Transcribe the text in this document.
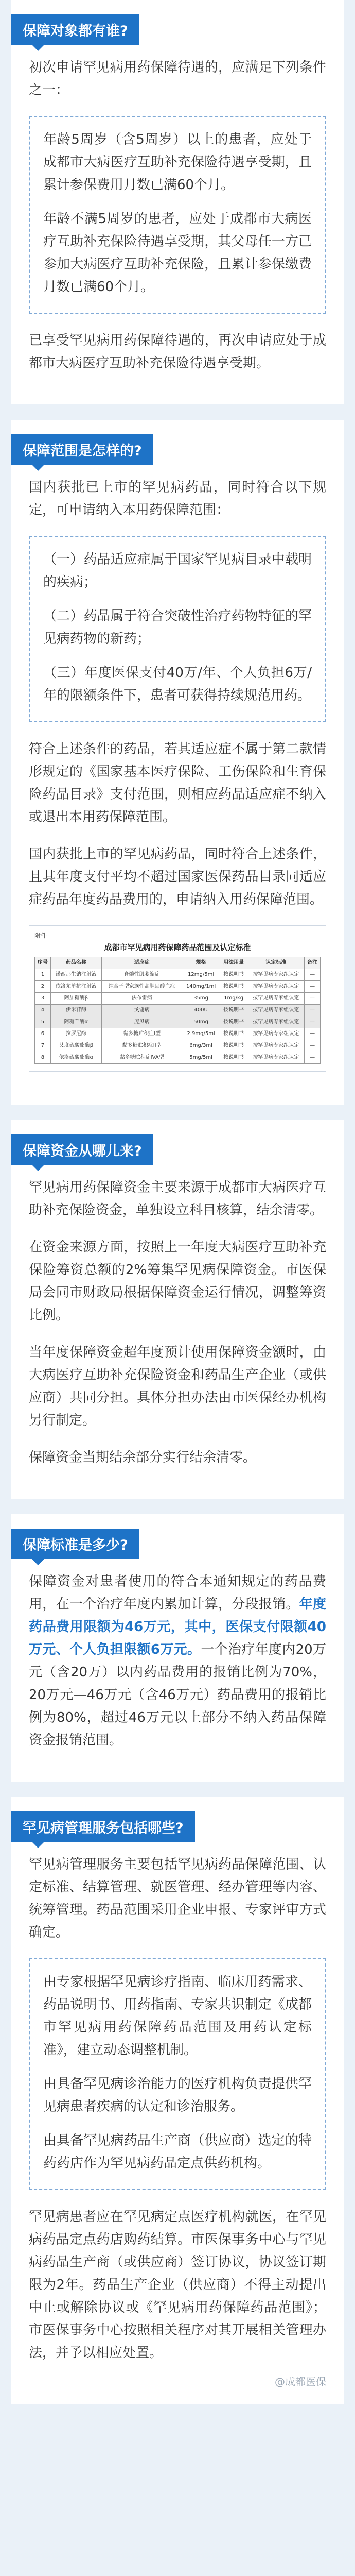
保障对象都有谁?

初次申请罕见病用药保障待遇的，应满足下列条件之一：

年龄5周岁（含5周岁）以上的患者，应处于成都市大病医疗互助补充保险待遇享受期，且累计参保费用月数已满60个月。

年龄不满5周岁的患者，应处于成都市大病医疗互助补充保险待遇享受期，其父母任一方已参加大病医疗互助补充保险，且累计参保缴费月数已满60个月。

已享受罕见病用药保障待遇的，再次申请应处于成都市大病医疗互助补充保险待遇享受期。

保障范围是怎样的?

国内获批已上市的罕见病药品，同时符合以下规定，可申请纳入本用药保障范围：

（一）药品适应症属于国家罕见病目录中载明的疾病；

（二）药品属于符合突破性治疗药物特征的罕见病药物的新药；

（三）年度医保支付40万/年、个人负担6万/年的限额条件下，患者可获得持续规范用药。

符合上述条件的药品，若其适应症不属于第二款情形规定的《国家基本医疗保险、工伤保险和生育保险药品目录》支付范围，则相应药品适应症不纳入或退出本用药保障范围。

国内获批上市的罕见病药品，同时符合上述条件，且其年度支付平均不超过国家医保药品目录同适应症药品年度药品费用的，申请纳入用药保障范围。

附件
成都市罕见病用药保障药品范围及认定标准
序号	药品名称	适应症	规格	用法用量	认定标准	备注
1	诺西那生钠注射液	脊髓性肌萎缩症	12mg/5ml	按说明书	按罕见病专家组认定	—
2	依洛尤单抗注射液	纯合子型家族性高胆固醇血症	140mg/1ml	按说明书	按罕见病专家组认定	—
3	阿加糖酶β	法布雷病	35mg	1mg/kg	按罕见病专家组认定	—
4	伊米苷酶	戈谢病	400U	按说明书	按罕见病专家组认定	—
5	阿糖苷酶α	庞贝病	50mg	按说明书	按罕见病专家组认定	—
6	拉罗尼酶	黏多糖贮积症I型	2.9mg/5ml	按说明书	按罕见病专家组认定	—
7	艾度硫酸酯酶β	黏多糖贮积症II型	6mg/3ml	按说明书	按罕见病专家组认定	—
8	依洛硫酸酯酶α	黏多糖贮积症IVA型	5mg/5ml	按说明书	按罕见病专家组认定	—
保障资金从哪儿来?

罕见病用药保障资金主要来源于成都市大病医疗互助补充保险资金，单独设立科目核算，结余清零。

在资金来源方面，按照上一年度大病医疗互助补充保险筹资总额的2%筹集罕见病保障资金。市医保局会同市财政局根据保障资金运行情况，调整筹资比例。

当年度保障资金超年度预计使用保障资金额时，由大病医疗互助补充保险资金和药品生产企业（或供应商）共同分担。具体分担办法由市医保经办机构另行制定。

保障资金当期结余部分实行结余清零。

保障标准是多少?

保障资金对患者使用的符合本通知规定的药品费用，在一个治疗年度内累加计算，分段报销。年度药品费用限额为46万元，其中，医保支付限额40万元、个人负担限额6万元。一个治疗年度内20万元（含20万）以内药品费用的报销比例为70%，20万元—46万元（含46万元）药品费用的报销比例为80%，超过46万元以上部分不纳入药品保障资金报销范围。

罕见病管理服务包括哪些?

罕见病管理服务主要包括罕见病药品保障范围、认定标准、结算管理、就医管理、经办管理等内容、统筹管理。药品范围采用企业申报、专家评审方式确定。

由专家根据罕见病诊疗指南、临床用药需求、药品说明书、用药指南、专家共识制定《成都市罕见病用药保障药品范围及用药认定标准》，建立动态调整机制。

由具备罕见病诊治能力的医疗机构负责提供罕见病患者疾病的认定和诊治服务。

由具备罕见病药品生产商（供应商）选定的特药药店作为罕见病药品定点供药机构。

罕见病患者应在罕见病定点医疗机构就医，在罕见病药品定点药店购药结算。市医保事务中心与罕见病药品生产商（或供应商）签订协议，协议签订期限为2年。药品生产企业（供应商）不得主动提出中止或解除协议或《罕见病用药保障药品范围》；市医保事务中心按照相关程序对其开展相关管理办法，并予以相应处置。

@成都医保
